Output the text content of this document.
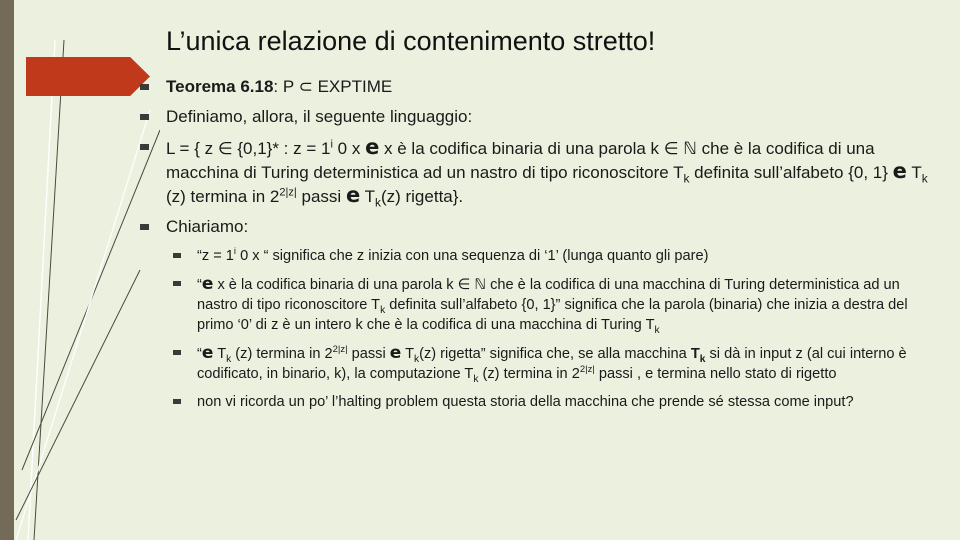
L’unica relazione di contenimento stretto!
Teorema 6.18: P ⊂ EXPTIME
Definiamo, allora, il seguente linguaggio:
L = { z ∈ {0,1}* : $z = 1^i$ 0 x e x è la codifica binaria di una parola k ∈ ℕ che è la codifica di una macchina di Turing deterministica ad un nastro di tipo riconoscitore $T_k$ definita sull’alfabeto {0, 1} e $T_k$ (z) termina in $2^{2|z|}$ passi e $T_k(z)$ rigetta}.
Chiariamo:
“$z = 1^i$ 0 x “ significa che z inizia con una sequenza di ‘1’ (lunga quanto gli pare)
“e x è la codifica binaria di una parola k ∈ ℕ che è la codifica di una macchina di Turing deterministica ad un nastro di tipo riconoscitore $T_k$ definita sull’alfabeto {0, 1}” significa che la parola (binaria) che inizia a destra del primo ‘0’ di z è un intero k che è la codifica di una macchina di Turing $T_k$
“e $T_k$ (z) termina in $2^{2|z|}$ passi e $T_k(z)$ rigetta” significa che, se alla macchina $T_k$ si dà in input z (al cui interno è codificato, in binario, k), la computazione $T_k$ (z) termina in $2^{2|z|}$ passi , e termina nello stato di rigetto
non vi ricorda un po’ l’halting problem questa storia della macchina che prende sé stessa come input?
